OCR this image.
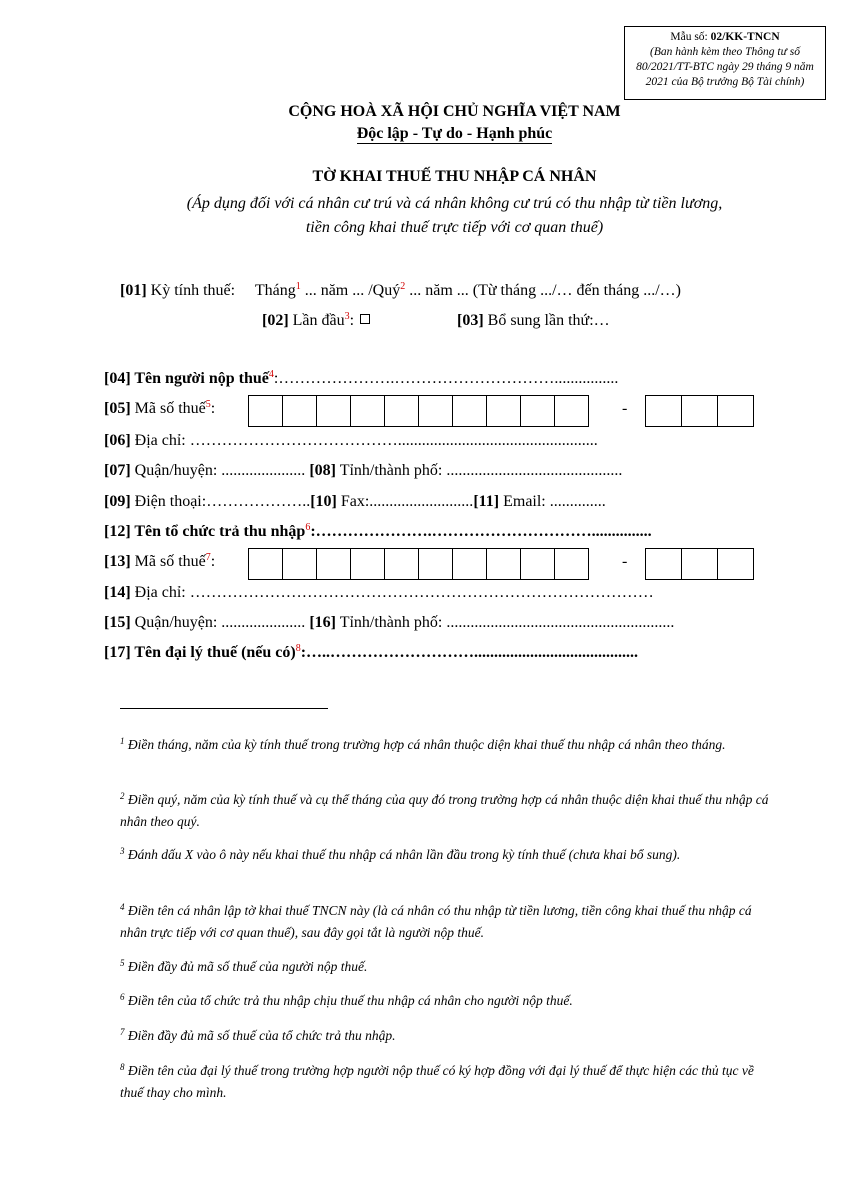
Mẫu số: 02/KK-TNCN
(Ban hành kèm theo Thông tư số 80/2021/TT-BTC ngày 29 tháng 9 năm 2021 của Bộ trưởng Bộ Tài chính)
CỘNG HOÀ XÃ HỘI CHỦ NGHĨA VIỆT NAM
Độc lập - Tự do - Hạnh phúc
TỜ KHAI THUẾ THU NHẬP CÁ NHÂN
(Áp dụng đối với cá nhân cư trú và cá nhân không cư trú có thu nhập từ tiền lương,
tiền công khai thuế trực tiếp với cơ quan thuế)
[01] Kỳ tính thuế: Tháng$^1$ ... năm ... /Quý$^2$ ... năm ... (Từ tháng .../… đến tháng .../…)
[02] Lần đầu$^3$:	[03] Bổ sung lần thứ:…
[04] Tên người nộp thuế$^4$:………………….…………………………................
[05] Mã số thuế$^5$:	-
[06] Địa chỉ: …………………………………..................................................
[07] Quận/huyện: ..................... [08] Tỉnh/thành phố: ............................................
[09] Điện thoại:………………..[10] Fax:..........................[11] Email: ..............
[12] Tên tổ chức trả thu nhập$^6$:………………….…………………………...............
[13] Mã số thuế$^7$:	-
[14] Địa chỉ: ……………………………………………………………………………
[15] Quận/huyện: ..................... [16] Tỉnh/thành phố: .........................................................
[17] Tên đại lý thuế (nếu có)$^8$:…..……………………….........................................
$^1$ Điền tháng, năm của kỳ tính thuế trong trường hợp cá nhân thuộc diện khai thuế thu nhập cá nhân theo tháng.
$^2$ Điền quý, năm của kỳ tính thuế và cụ thể tháng của quy đó trong trường hợp cá nhân thuộc diện khai thuế thu nhập cá nhân theo quý.
$^3$ Đánh dấu X vào ô này nếu khai thuế thu nhập cá nhân lần đầu trong kỳ tính thuế (chưa khai bổ sung).
$^4$ Điền tên cá nhân lập tờ khai thuế TNCN này (là cá nhân có thu nhập từ tiền lương, tiền công khai thuế thu nhập cá nhân trực tiếp với cơ quan thuế), sau đây gọi tắt là người nộp thuế.
$^5$ Điền đầy đủ mã số thuế của người nộp thuế.
$^6$ Điền tên của tổ chức trả thu nhập chịu thuế thu nhập cá nhân cho người nộp thuế.
$^7$ Điền đầy đủ mã số thuế của tổ chức trả thu nhập.
$^8$ Điền tên của đại lý thuế trong trường hợp người nộp thuế có ký hợp đồng với đại lý thuế để thực hiện các thủ tục về thuế thay cho mình.
